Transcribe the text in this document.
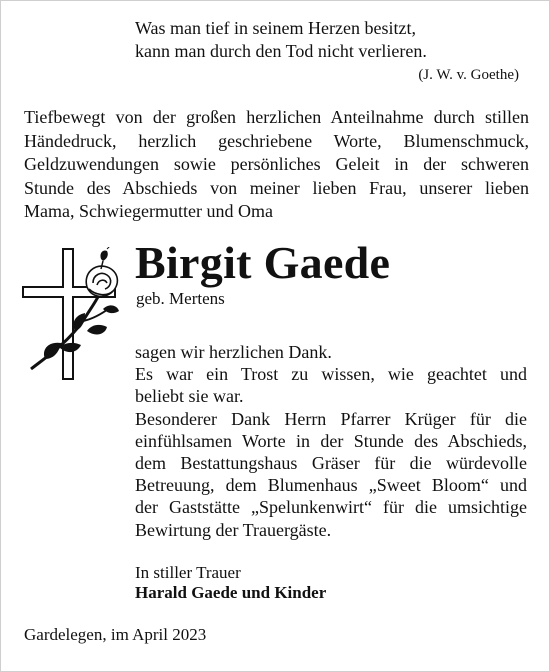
Was man tief in seinem Herzen besitzt,
kann man durch den Tod nicht verlieren.
(J. W. v. Goethe)
Tiefbewegt von der großen herzlichen Anteilnahme durch stillen
Händedruck, herzlich geschriebene Worte, Blumenschmuck,
Geldzuwendungen sowie persönliches Geleit in der schweren
Stunde des Abschieds von meiner lieben Frau, unserer lieben
Mama, Schwiegermutter und Oma
Birgit Gaede
geb. Mertens
sagen wir herzlichen Dank.
Es war ein Trost zu wissen, wie geachtet und
beliebt sie war.
Besonderer Dank Herrn Pfarrer Krüger für die
einfühlsamen Worte in der Stunde des Abschieds,
dem Bestattungshaus Gräser für die würdevolle
Betreuung, dem Blumenhaus „Sweet Bloom“ und
der Gaststätte „Spelunkenwirt“ für die umsichtige
Bewirtung der Trauergäste.
In stiller Trauer
Harald Gaede und Kinder
Gardelegen, im April 2023
